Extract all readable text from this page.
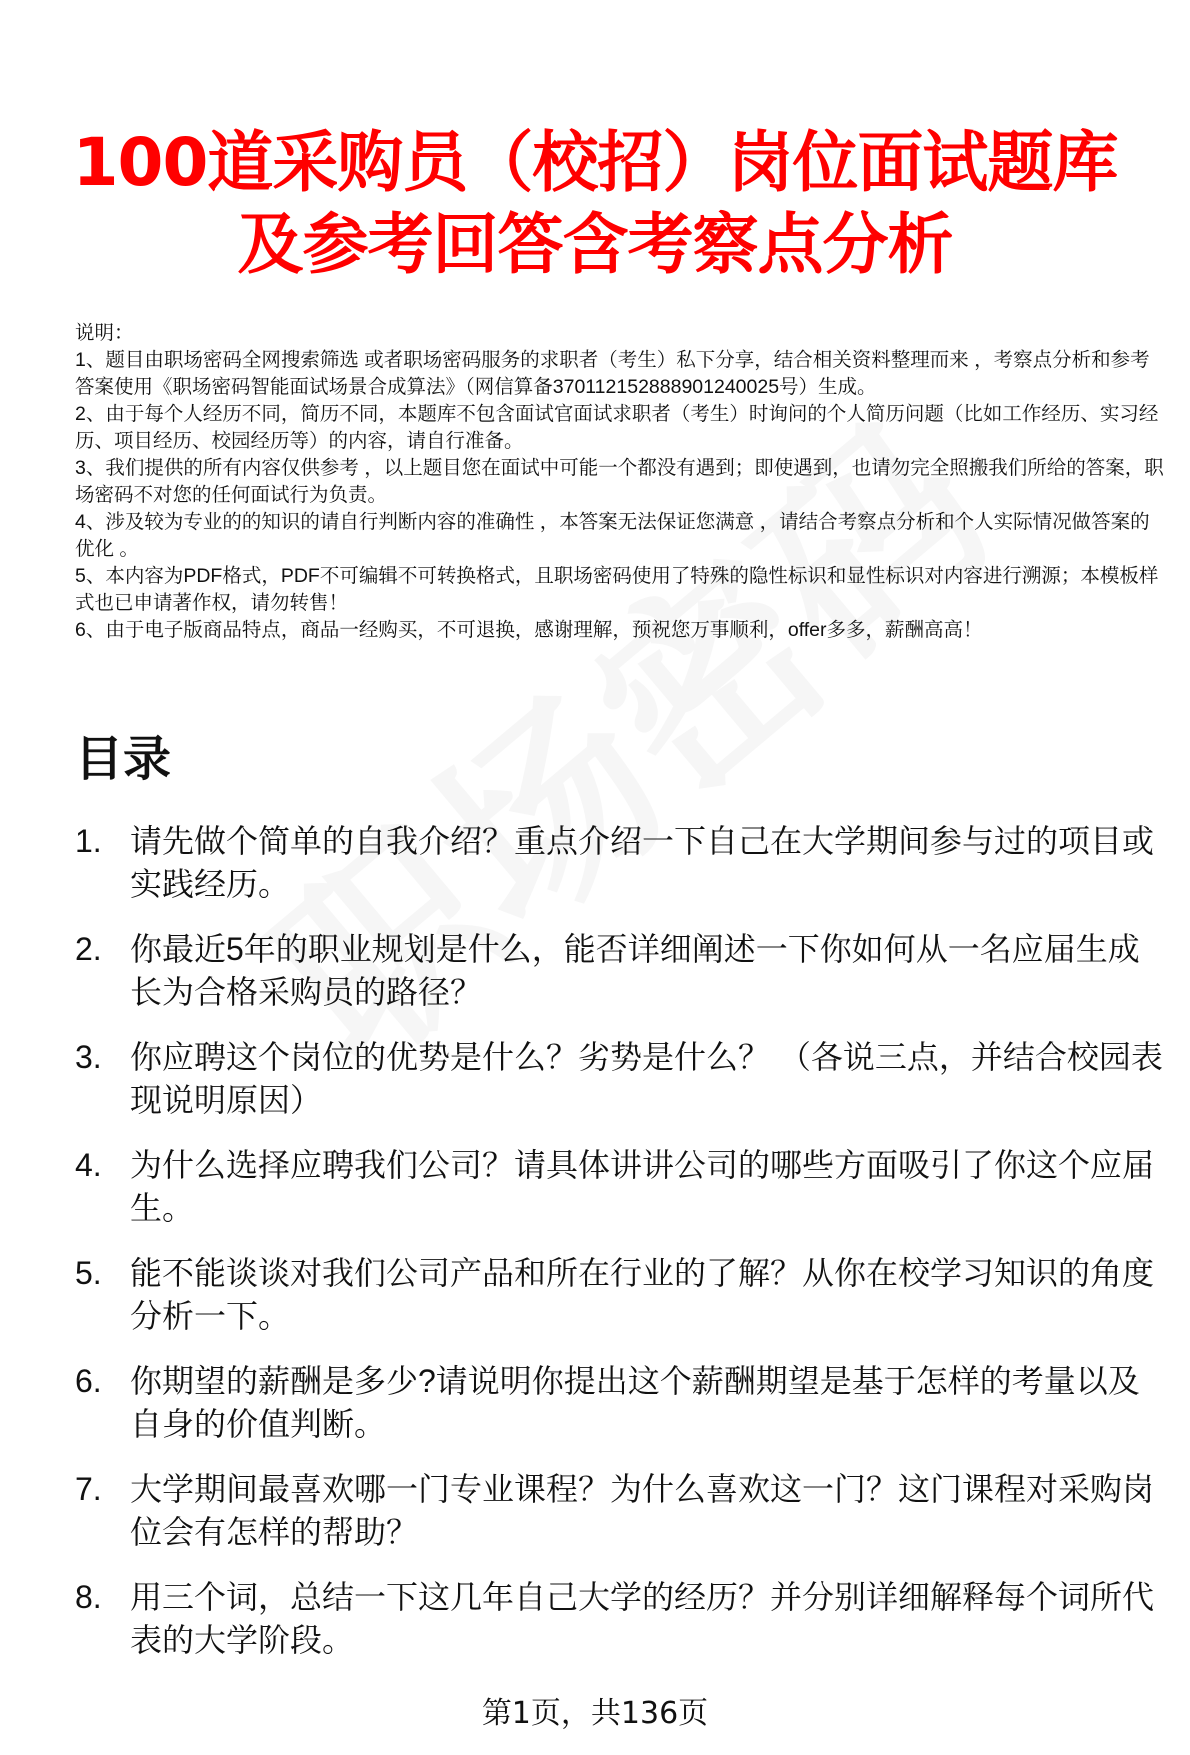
100道采购员（校招）岗位面试题库
及参考回答含考察点分析

说明：

1、题目由职场密码全网搜索筛选 或者职场密码服务的求职者（考生）私下分享，结合相关资料整理而来 ，考察点分析和参考答案使用《职场密码智能面试场景合成算法》（网信算备370112152888901240025号）生成。

2、由于每个人经历不同，简历不同，本题库不包含面试官面试求职者（考生）时询问的个人简历问题（比如工作经历、实习经历、项目经历、校园经历等）的内容，请自行准备。

3、我们提供的所有内容仅供参考 ，以上题目您在面试中可能一个都没有遇到；即使遇到，也请勿完全照搬我们所给的答案，职场密码不对您的任何面试行为负责。

4、涉及较为专业的的知识的请自行判断内容的准确性 ，本答案无法保证您满意 ，请结合考察点分析和个人实际情况做答案的优化 。

5、本内容为PDF格式，PDF不可编辑不可转换格式，且职场密码使用了特殊的隐性标识和显性标识对内容进行溯源；本模板样式也已申请著作权，请勿转售！

6、由于电子版商品特点，商品一经购买，不可退换，感谢理解，预祝您万事顺利，offer多多，薪酬高高！

目录
1. 请先做个简单的自我介绍？重点介绍一下自己在大学期间参与过的项目或实践经历。
2. 你最近5年的职业规划是什么，能否详细阐述一下你如何从一名应届生成长为合格采购员的路径？
3. 你应聘这个岗位的优势是什么？劣势是什么？ （各说三点，并结合校园表现说明原因）
4. 为什么选择应聘我们公司？请具体讲讲公司的哪些方面吸引了你这个应届生。
5. 能不能谈谈对我们公司产品和所在行业的了解？从你在校学习知识的角度分析一下。
6. 你期望的薪酬是多少?请说明你提出这个薪酬期望是基于怎样的考量以及自身的价值判断。
7. 大学期间最喜欢哪一门专业课程？为什么喜欢这一门？这门课程对采购岗位会有怎样的帮助？
8. 用三个词，总结一下这几年自己大学的经历？并分别详细解释每个词所代表的大学阶段。

第1页，共136页
